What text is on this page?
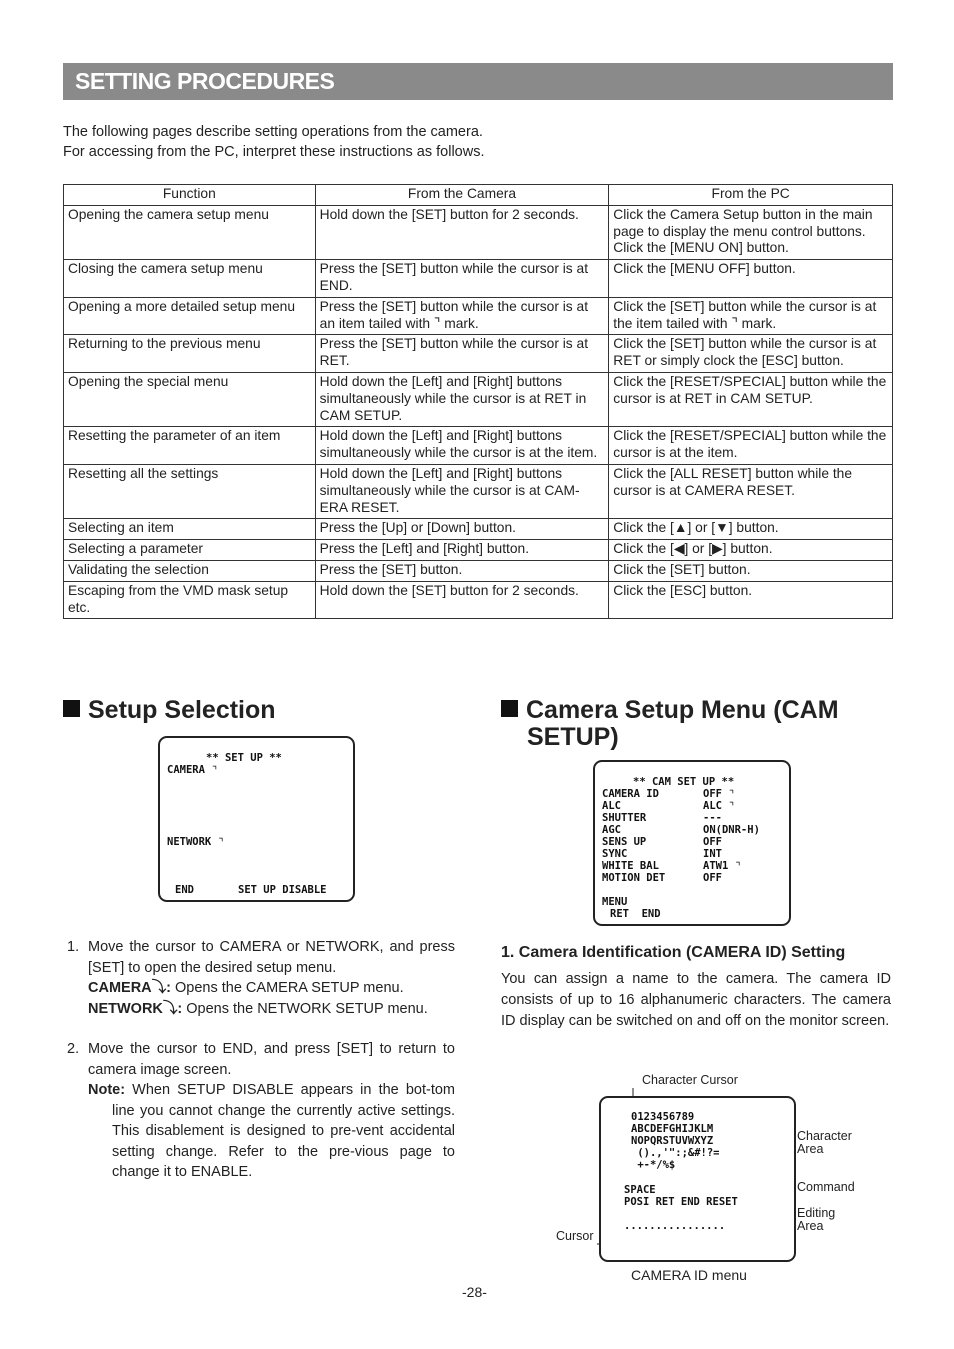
SETTING PROCEDURES
The following pages describe setting operations from the camera.
For accessing from the PC, interpret these instructions as follows.
Function	From the Camera	From the PC
Opening the camera setup menu	Hold down the [SET] button for 2 seconds.	Click the Camera Setup button in the main page to display the menu control buttons.
Click the [MENU ON] button.
Closing the camera setup menu	Press the [SET] button while the cursor is at END.	Click the [MENU OFF] button.
Opening a more detailed setup menu	Press the [SET] button while the cursor is at an item tailed with ⌝ mark.	Click the [SET] button while the cursor is at the item tailed with ⌝ mark.
Returning to the previous menu	Press the [SET] button while the cursor is at RET.	Click the [SET] button while the cursor is at RET or simply clock the [ESC] button.
Opening the special menu	Hold down the [Left] and [Right] buttons simultaneously while the cursor is at RET in CAM SETUP.	Click the [RESET/SPECIAL] button while the cursor is at RET in CAM SETUP.
Resetting the parameter of an item	Hold down the [Left] and [Right] buttons simultaneously while the cursor is at the item.	Click the [RESET/SPECIAL] button while the cursor is at the item.
Resetting all the settings	Hold down the [Left] and [Right] buttons simultaneously while the cursor is at CAM-ERA RESET.	Click the [ALL RESET] button while the cursor is at CAMERA RESET.
Selecting an item	Press the [Up] or [Down] button.	Click the [▲] or [▼] button.
Selecting a parameter	Press the [Left] and [Right] button.	Click the [◀] or [▶] button.
Validating the selection	Press the [SET] button.	Click the [SET] button.
Escaping from the VMD mask setup etc.	Hold down the [SET] button for 2 seconds.	Click the [ESC] button.
Setup Selection
** SET UP **
CAMERA ⌝
NETWORK ⌝
END	SET UP DISABLE
1. Move the cursor to CAMERA or NETWORK, and press [SET] to open the desired setup menu.
CAMERA⤵: Opens the CAMERA SETUP menu.
NETWORK⤵: Opens the NETWORK SETUP menu.
2. Move the cursor to END, and press [SET] to return to camera image screen.
Note: When SETUP DISABLE appears in the bot-tom line you cannot change the currently active settings. This disablement is designed to pre-vent accidental setting change. Refer to the pre-vious page to change it to ENABLE.
Camera Setup Menu (CAM
SETUP)
** CAM SET UP **
CAMERA ID	OFF ⌝
ALC	ALC ⌝
SHUTTER	---
AGC	ON(DNR-H)
SENS UP	OFF
SYNC	INT
WHITE BAL	ATW1 ⌝
MOTION DET	OFF
MENU
RET  END
1. Camera Identification (CAMERA ID) Setting
You can assign a name to the camera. The camera ID consists of up to 16 alphanumeric characters. The camera ID display can be switched on and off on the monitor screen.
Character Cursor
0123456789
ABCDEFGHIJKLM
NOPQRSTUVWXYZ
().,'":;&#!?=
+-*/%$
SPACE
POSI RET END RESET
................
Character
Area
Command
Editing
Area
Cursor
CAMERA ID menu
-28-
